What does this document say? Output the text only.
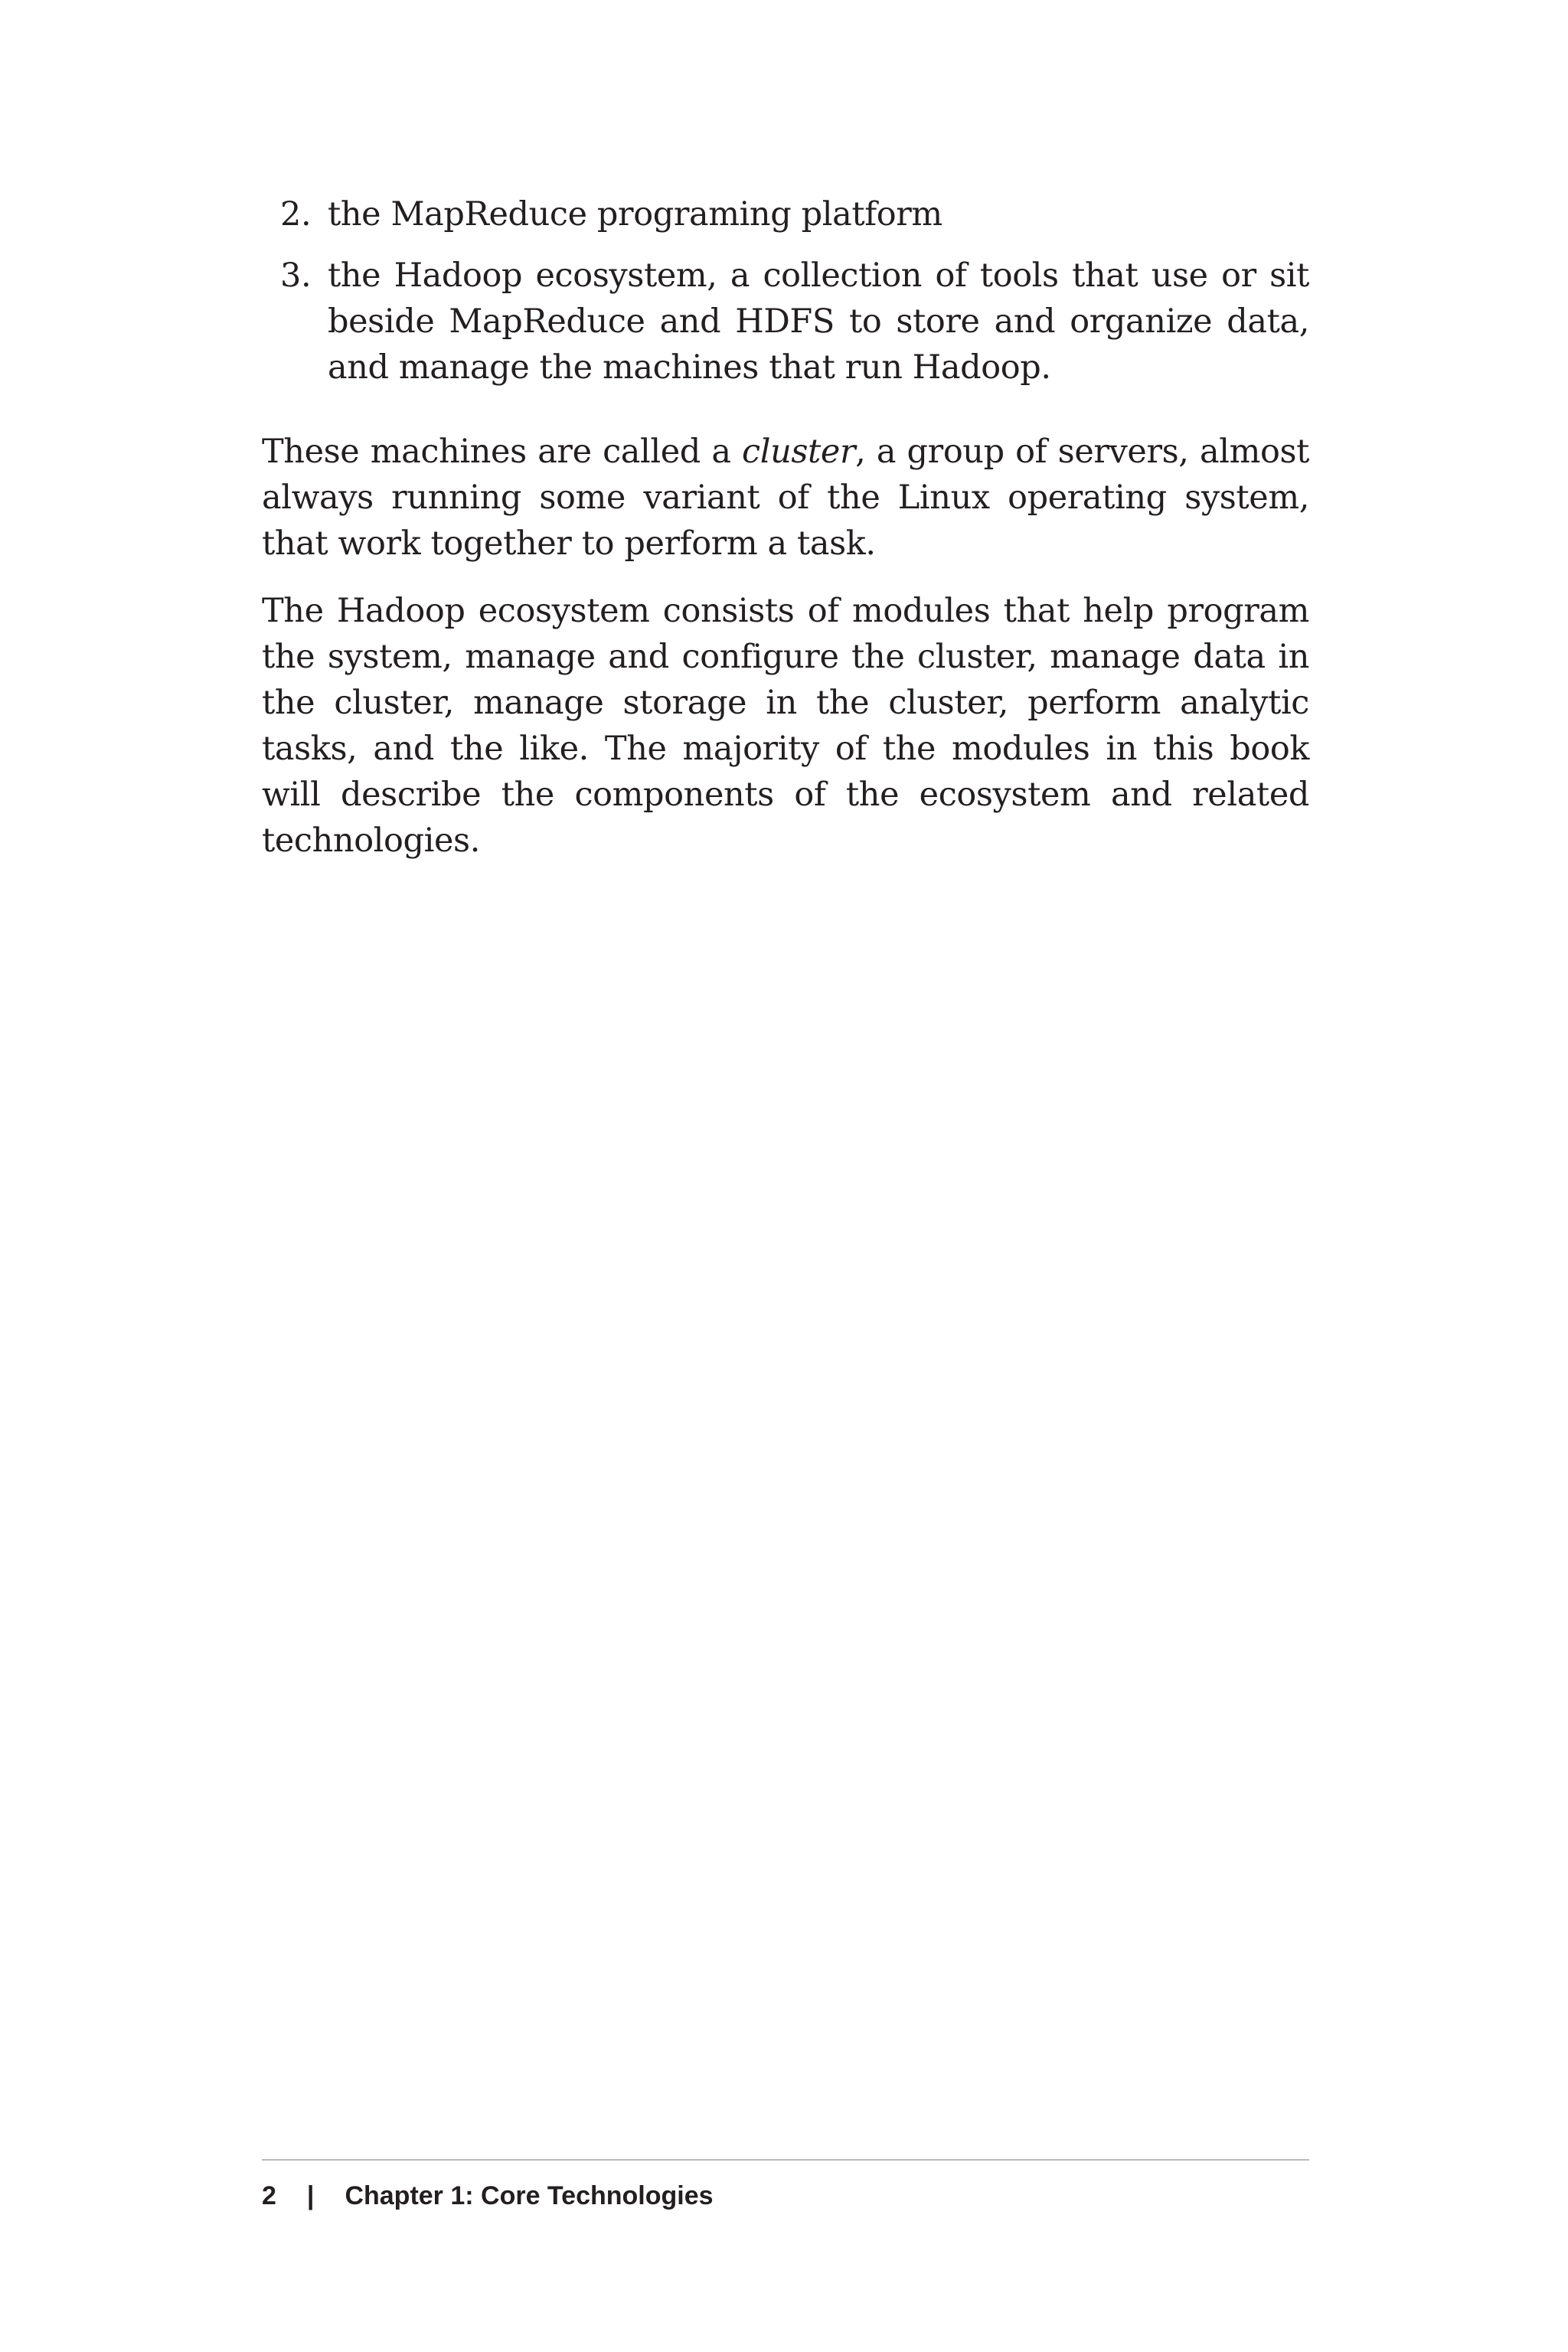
2. the MapReduce programing platform
3. the Hadoop ecosystem, a collection of tools that use or sit beside MapReduce and HDFS to store and organize data, and manage the machines that run Hadoop.

These machines are called a cluster, a group of servers, almost always running some variant of the Linux operating system, that work together to perform a task.

The Hadoop ecosystem consists of modules that help program the system, manage and configure the cluster, manage data in the cluster, manage storage in the cluster, perform analytic tasks, and the like. The majority of the modules in this book will describe the components of the ecosystem and related technologies.

2 | Chapter 1: Core Technologies
